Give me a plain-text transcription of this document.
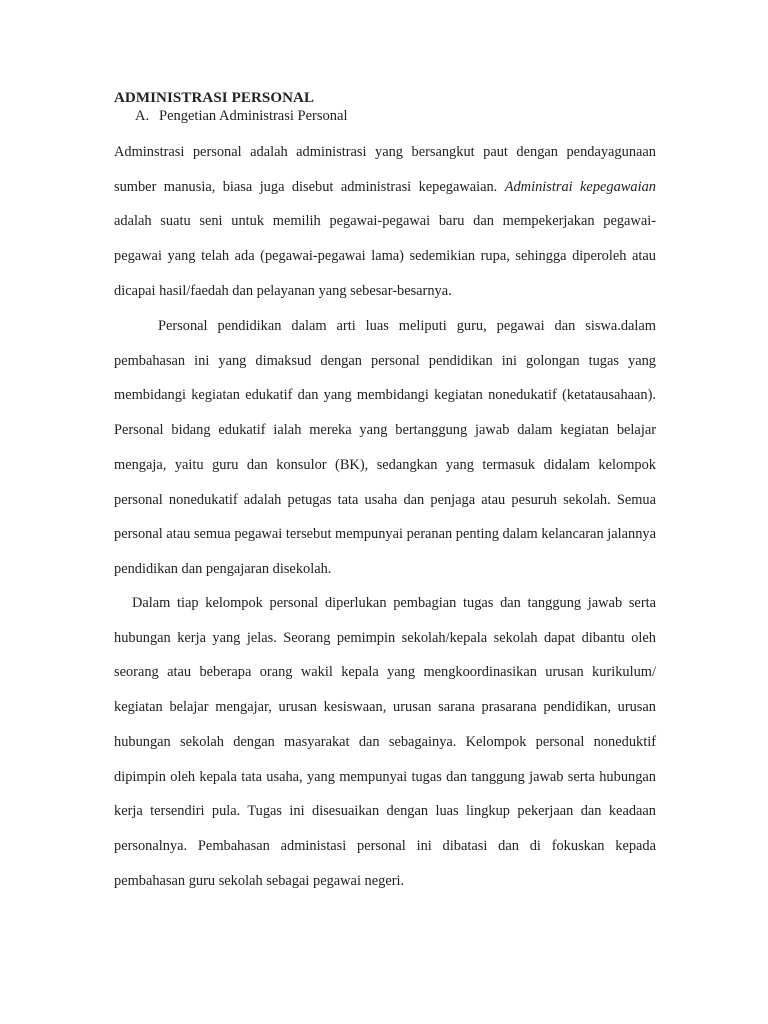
ADMINISTRASI PERSONAL
A. Pengetian Administrasi Personal

Adminstrasi personal adalah administrasi yang bersangkut paut dengan pendayagunaan sumber manusia, biasa juga disebut administrasi kepegawaian. Administrai kepegawaian adalah suatu seni untuk memilih pegawai-pegawai baru dan mempekerjakan pegawai-pegawai yang telah ada (pegawai-pegawai lama) sedemikian rupa, sehingga diperoleh atau dicapai hasil/faedah dan pelayanan yang sebesar-besarnya.

Personal pendidikan dalam arti luas meliputi guru, pegawai dan siswa.dalam pembahasan ini yang dimaksud dengan personal pendidikan ini golongan tugas yang membidangi kegiatan edukatif dan yang membidangi kegiatan nonedukatif (ketatausahaan). Personal bidang edukatif ialah mereka yang bertanggung jawab dalam kegiatan belajar mengaja, yaitu guru dan konsulor (BK), sedangkan yang termasuk didalam kelompok personal nonedukatif adalah petugas tata usaha dan penjaga atau pesuruh sekolah. Semua personal atau semua pegawai tersebut mempunyai peranan penting dalam kelancaran jalannya pendidikan dan pengajaran disekolah.

Dalam tiap kelompok personal diperlukan pembagian tugas dan tanggung jawab serta hubungan kerja yang jelas. Seorang pemimpin sekolah/kepala sekolah dapat dibantu oleh seorang atau beberapa orang wakil kepala yang mengkoordinasikan urusan kurikulum/ kegiatan belajar mengajar, urusan kesiswaan, urusan sarana prasarana pendidikan, urusan hubungan sekolah dengan masyarakat dan sebagainya. Kelompok personal noneduktif dipimpin oleh kepala tata usaha, yang mempunyai tugas dan tanggung jawab serta hubungan kerja tersendiri pula. Tugas ini disesuaikan dengan luas lingkup pekerjaan dan keadaan personalnya. Pembahasan administasi personal ini dibatasi dan di fokuskan kepada pembahasan guru sekolah sebagai pegawai negeri.
